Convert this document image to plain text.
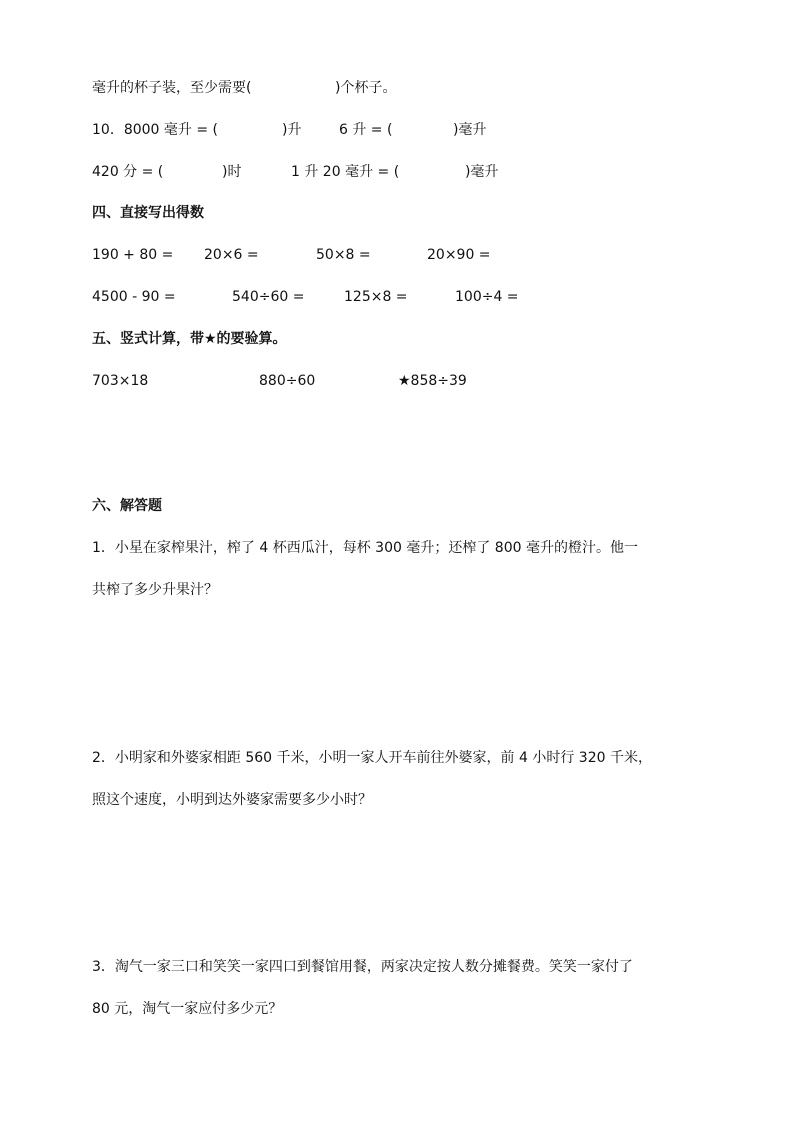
毫升的杯子装，至少需要(	)个杯子。
10．8000 毫升 = (	)升	6 升 = (	)毫升
420 分 = (	)时	1 升 20 毫升 = (	)毫升
四、直接写出得数
190 + 80 = 20×6 =	50×8 =	20×90 =
4500 - 90 =	540÷60 =	125×8 =	100÷4 =
五、竖式计算，带★的要验算。
703×18	880÷60	★858÷39
六、解答题
1．小星在家榨果汁，榨了 4 杯西瓜汁，每杯 300 毫升；还榨了 800 毫升的橙汁。他一
共榨了多少升果汁？
2．小明家和外婆家相距 560 千米，小明一家人开车前往外婆家，前 4 小时行 320 千米，
照这个速度，小明到达外婆家需要多少小时？
3．淘气一家三口和笑笑一家四口到餐馆用餐，两家决定按人数分摊餐费。笑笑一家付了
80 元，淘气一家应付多少元？
